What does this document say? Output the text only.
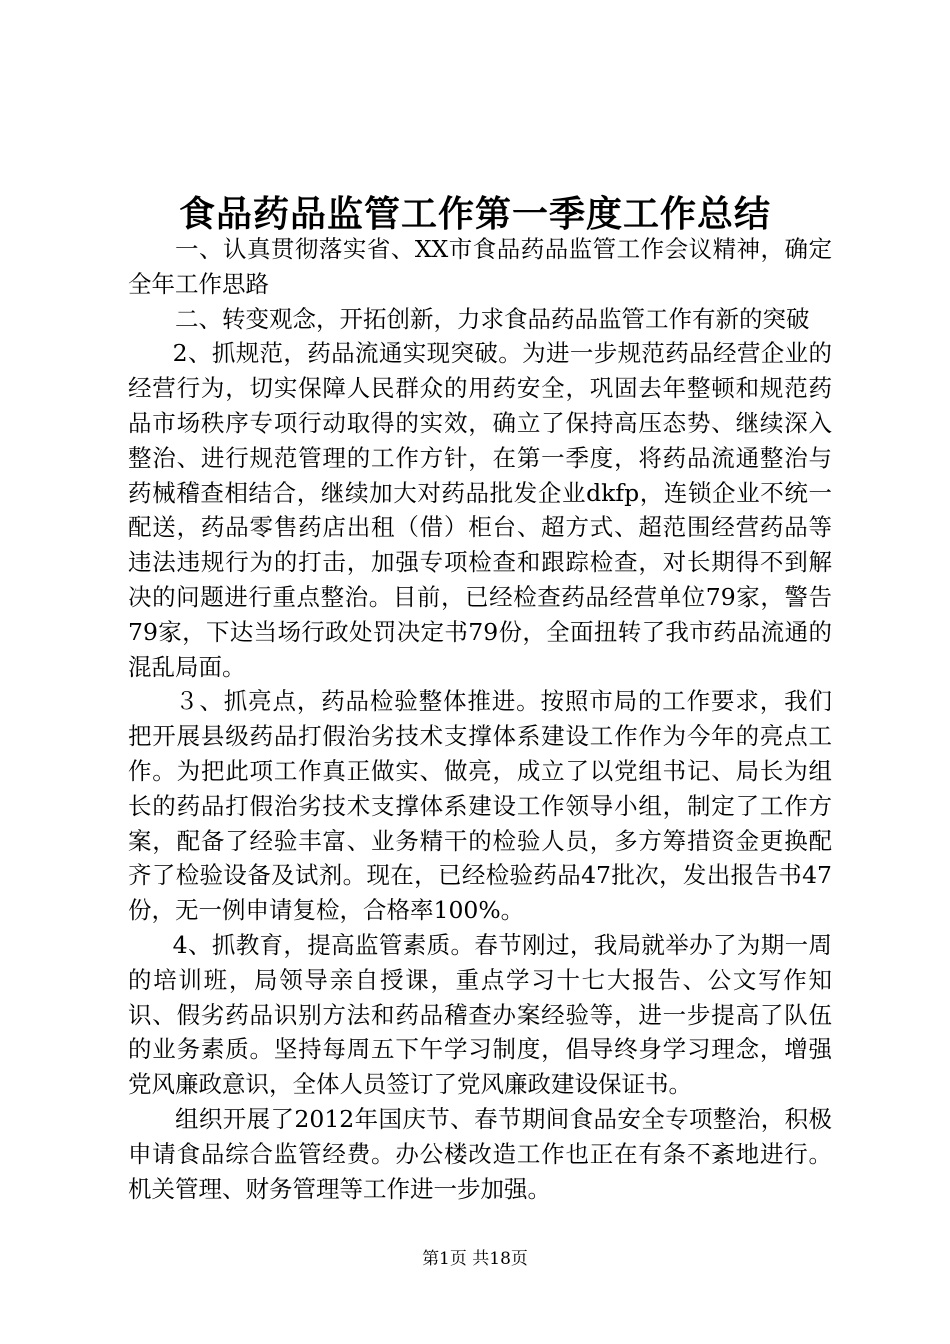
食品药品监管工作第一季度工作总结

一、认真贯彻落实省、XX市食品药品监管工作会议精神，确定全年工作思路

二、转变观念，开拓创新，力求食品药品监管工作有新的突破

2、抓规范，药品流通实现突破。为进一步规范药品经营企业的经营行为，切实保障人民群众的用药安全，巩固去年整顿和规范药品市场秩序专项行动取得的实效，确立了保持高压态势、继续深入整治、进行规范管理的工作方针，在第一季度，将药品流通整治与药械稽查相结合，继续加大对药品批发企业dkfp，连锁企业不统一配送，药品零售药店出租（借）柜台、超方式、超范围经营药品等违法违规行为的打击，加强专项检查和跟踪检查，对长期得不到解决的问题进行重点整治。目前，已经检查药品经营单位79家，警告79家，下达当场行政处罚决定书79份，全面扭转了我市药品流通的混乱局面。

３、抓亮点，药品检验整体推进。按照市局的工作要求，我们把开展县级药品打假治劣技术支撑体系建设工作作为今年的亮点工作。为把此项工作真正做实、做亮，成立了以党组书记、局长为组长的药品打假治劣技术支撑体系建设工作领导小组，制定了工作方案，配备了经验丰富、业务精干的检验人员，多方筹措资金更换配齐了检验设备及试剂。现在，已经检验药品47批次，发出报告书47份，无一例申请复检，合格率100%。

4、抓教育，提高监管素质。春节刚过，我局就举办了为期一周的培训班，局领导亲自授课，重点学习十七大报告、公文写作知识、假劣药品识别方法和药品稽查办案经验等，进一步提高了队伍的业务素质。坚持每周五下午学习制度，倡导终身学习理念，增强党风廉政意识，全体人员签订了党风廉政建设保证书。

组织开展了2012年国庆节、春节期间食品安全专项整治，积极申请食品综合监管经费。办公楼改造工作也正在有条不紊地进行。机关管理、财务管理等工作进一步加强。

第1页 共18页
